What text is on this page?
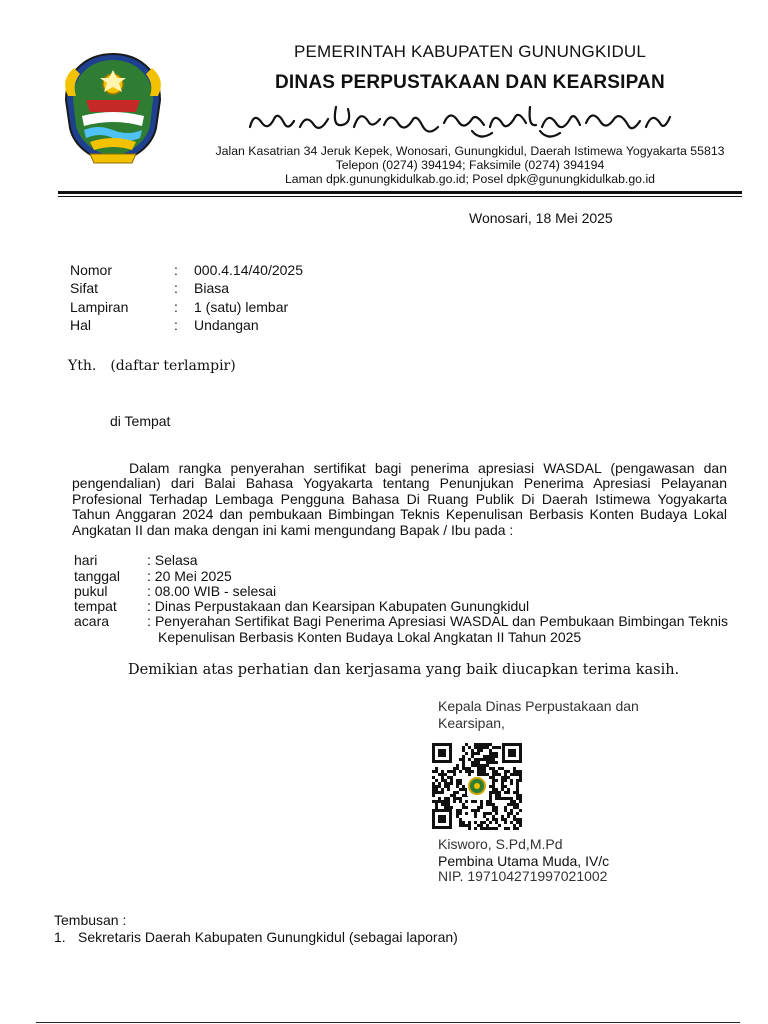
PEMERINTAH KABUPATEN GUNUNGKIDUL
DINAS PERPUSTAKAAN DAN KEARSIPAN
Jalan Kasatrian 34 Jeruk Kepek, Wonosari, Gunungkidul, Daerah Istimewa Yogyakarta 55813
Telepon (0274) 394194; Faksimile (0274) 394194
Laman dpk.gunungkidulkab.go.id; Posel dpk@gunungkidulkab.go.id
Wonosari, 18 Mei 2025
Nomor	: 000.4.14/40/2025
Sifat	: Biasa
Lampiran	: 1 (satu) lembar
Hal	: Undangan
Yth. (daftar terlampir)
di Tempat
Dalam rangka penyerahan sertifikat bagi penerima apresiasi WASDAL (pengawasan dan pengendalian) dari Balai Bahasa Yogyakarta tentang Penunjukan Penerima Apresiasi Pelayanan Profesional Terhadap Lembaga Pengguna Bahasa Di Ruang Publik Di Daerah Istimewa Yogyakarta Tahun Anggaran 2024 dan pembukaan Bimbingan Teknis Kepenulisan Berbasis Konten Budaya Lokal Angkatan II dan maka dengan ini kami mengundang Bapak / Ibu pada :
hari	: Selasa
tanggal	: 20 Mei 2025
pukul	: 08.00 WIB - selesai
tempat	: Dinas Perpustakaan dan Kearsipan Kabupaten Gunungkidul
acara	: Penyerahan Sertifikat Bagi Penerima Apresiasi WASDAL dan Pembukaan Bimbingan Teknis Kepenulisan Berbasis Konten Budaya Lokal Angkatan II Tahun 2025
Demikian atas perhatian dan kerjasama yang baik diucapkan terima kasih.
Kepala Dinas Perpustakaan dan Kearsipan,
Kisworo, S.Pd,M.Pd
Pembina Utama Muda, IV/c
NIP. 197104271997021002
Tembusan :
1. Sekretaris Daerah Kabupaten Gunungkidul (sebagai laporan)
